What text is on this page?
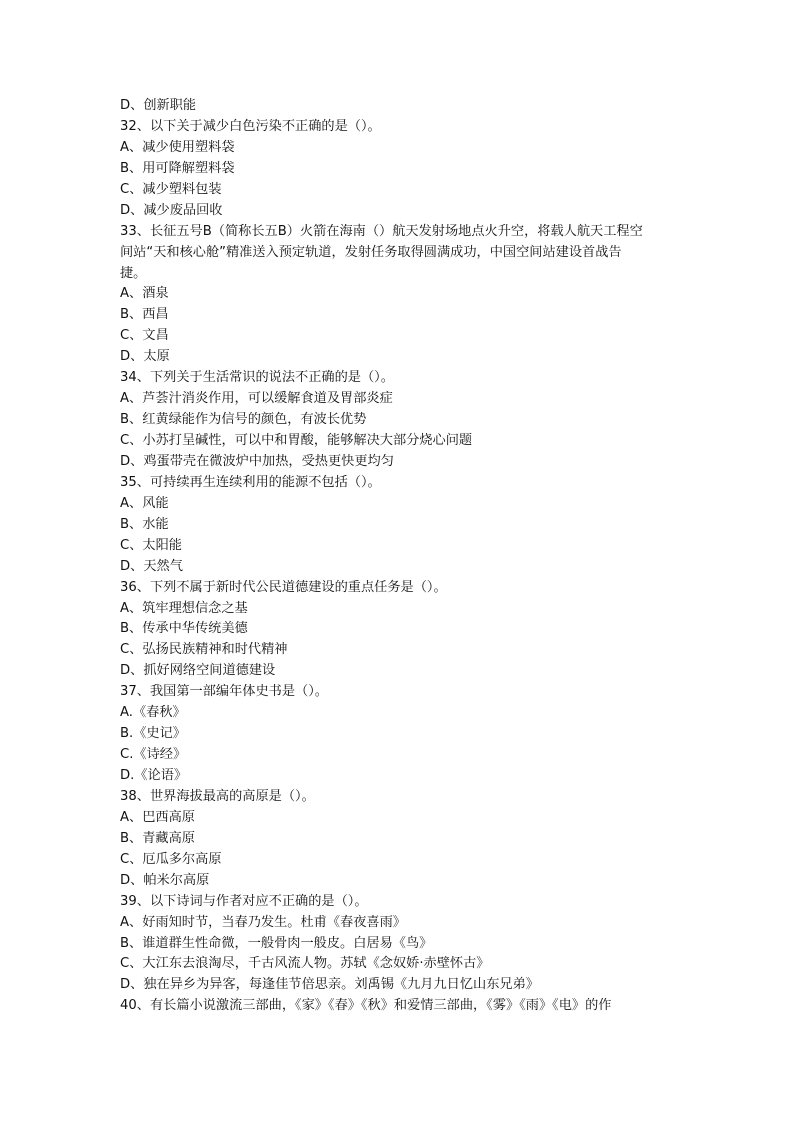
D、创新职能
32、以下关于减少白色污染不正确的是（）。
A、减少使用塑料袋
B、用可降解塑料袋
C、减少塑料包装
D、减少废品回收
33、长征五号B（简称长五B）火箭在海南（）航天发射场地点火升空，将载人航天工程空
间站“天和核心舱”精准送入预定轨道，发射任务取得圆满成功，中国空间站建设首战告
捷。
A、酒泉
B、西昌
C、文昌
D、太原
34、下列关于生活常识的说法不正确的是（）。
A、芦荟汁消炎作用，可以缓解食道及胃部炎症
B、红黄绿能作为信号的颜色，有波长优势
C、小苏打呈碱性，可以中和胃酸，能够解决大部分烧心问题
D、鸡蛋带壳在微波炉中加热，受热更快更均匀
35、可持续再生连续利用的能源不包括（）。
A、风能
B、水能
C、太阳能
D、天然气
36、下列不属于新时代公民道德建设的重点任务是（）。
A、筑牢理想信念之基
B、传承中华传统美德
C、弘扬民族精神和时代精神
D、抓好网络空间道德建设
37、我国第一部编年体史书是（）。
A.《春秋》
B.《史记》
C.《诗经》
D.《论语》
38、世界海拔最高的高原是（）。
A、巴西高原
B、青藏高原
C、厄瓜多尔高原
D、帕米尔高原
39、以下诗词与作者对应不正确的是（）。
A、好雨知时节，当春乃发生。杜甫《春夜喜雨》
B、谁道群生性命微，一般骨肉一般皮。白居易《鸟》
C、大江东去浪淘尽，千古风流人物。苏轼《念奴娇·赤壁怀古》
D、独在异乡为异客，每逢佳节倍思亲。刘禹锡《九月九日忆山东兄弟》
40、有长篇小说激流三部曲，《家》《春》《秋》和爱情三部曲，《雾》《雨》《电》的作
